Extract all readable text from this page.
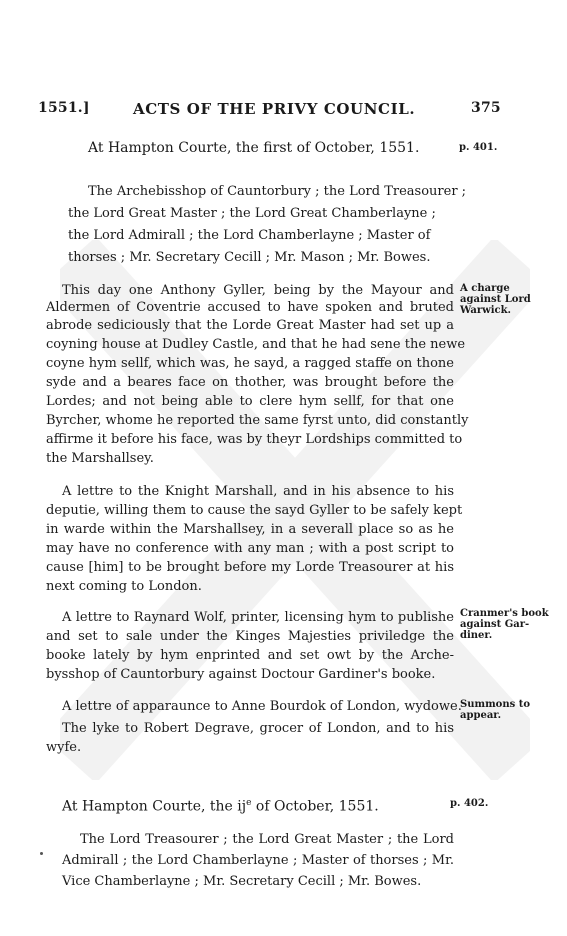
1551.]	ACTS OF THE PRIVY COUNCIL.	375
At Hampton Courte, the first of October, 1551.	p. 401.
The Archebisshop of Cauntorbury ; the Lord Treasourer ;
the Lord Great Master ; the Lord Great Chamberlayne ;
the Lord Admirall ; the Lord Chamberlayne ; Master of
thorses ; Mr. Secretary Cecill ; Mr. Mason ; Mr. Bowes.
This day one Anthony Gyller, being by the Mayour and
Aldermen of Coventrie accused to have spoken and bruted
abrode sediciously that the Lorde Great Master had set up a
coyning house at Dudley Castle, and that he had sene the newe
coyne hym sellf, which was, he sayd, a ragged staffe on thone
syde and a beares face on thother, was brought before the
Lordes; and not being able to clere hym sellf, for that one
Byrcher, whome he reported the same fyrst unto, did constantly
affirme it before his face, was by theyr Lordships committed to
the Marshallsey.
A charge
against Lord
Warwick.
A lettre to the Knight Marshall, and in his absence to his
deputie, willing them to cause the sayd Gyller to be safely kept
in warde within the Marshallsey, in a severall place so as he
may have no conference with any man ; with a post script to
cause [him] to be brought before my Lorde Treasourer at his
next coming to London.
A lettre to Raynard Wolf, printer, licensing hym to publishe
and set to sale under the Kinges Majesties priviledge the
booke lately by hym enprinted and set owt by the Arche-
bysshop of Cauntorbury against Doctour Gardiner's booke.
Cranmer's book
against Gar-
diner.
A lettre of apparaunce to Anne Bourdok of London, wydowe.
Summons to
appear.
The lyke to Robert Degrave, grocer of London, and to his
wyfe.
At Hampton Courte, the $ij^e$ of October, 1551.	p. 402.
The Lord Treasourer ; the Lord Great Master ; the Lord
Admirall ; the Lord Chamberlayne ; Master of thorses ; Mr.
Vice Chamberlayne ; Mr. Secretary Cecill ; Mr. Bowes.
